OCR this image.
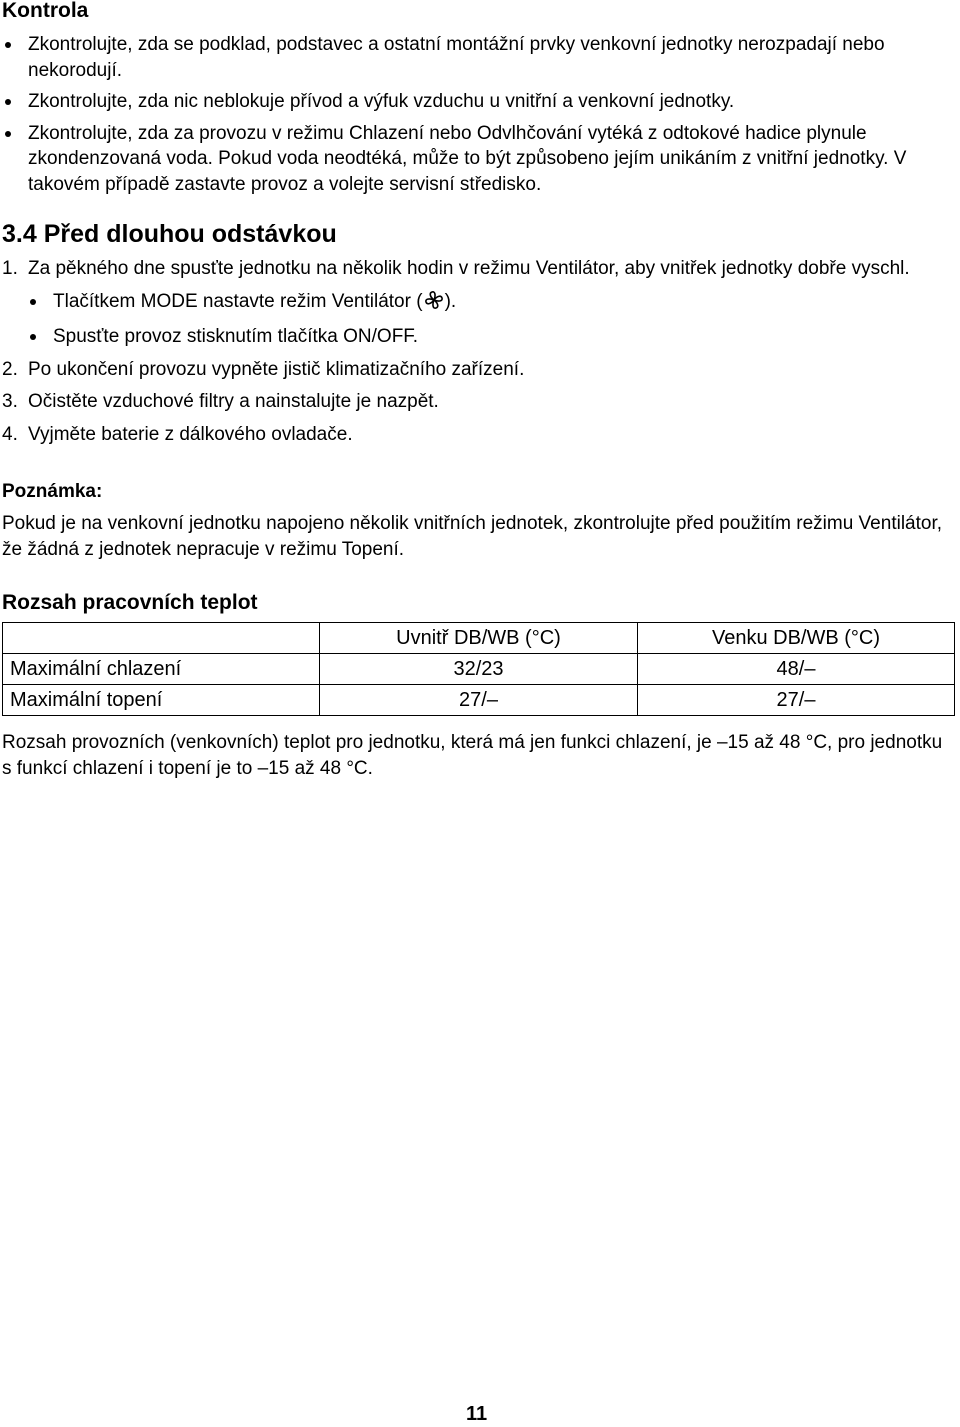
Kontrola
Zkontrolujte, zda se podklad, podstavec a ostatní montážní prvky venkovní jednotky nerozpadají nebo nekorodují.
Zkontrolujte, zda nic neblokuje přívod a výfuk vzduchu u vnitřní a venkovní jednotky.
Zkontrolujte, zda za provozu v režimu Chlazení nebo Odvlhčování vytéká z odtokové hadice plynule zkondenzovaná voda. Pokud voda neodtéká, může to být způsobeno jejím unikáním z vnitřní jednotky. V takovém případě zastavte provoz a volejte servisní středisko.
3.4 Před dlouhou odstávkou
1. Za pěkného dne spusťte jednotku na několik hodin v režimu Ventilátor, aby vnitřek jednotky dobře vyschl.
Tlačítkem MODE nastavte režim Ventilátor ( ).
Spusťte provoz stisknutím tlačítka ON/OFF.
2. Po ukončení provozu vypněte jistič klimatizačního zařízení.
3. Očistěte vzduchové filtry a nainstalujte je nazpět.
4. Vyjměte baterie z dálkového ovladače.
Poznámka:

Pokud je na venkovní jednotku napojeno několik vnitřních jednotek, zkontrolujte před použitím režimu Ventilátor, že žádná z jednotek nepracuje v režimu Topení.

Rozsah pracovních teplot
	Uvnitř DB/WB (°C)	Venku DB/WB (°C)
Maximální chlazení	32/23	48/–
Maximální topení	27/–	27/–

Rozsah provozních (venkovních) teplot pro jednotku, která má jen funkci chlazení, je –15 až 48 °C, pro jednotku s funkcí chlazení i topení je to –15 až 48 °C.

11
